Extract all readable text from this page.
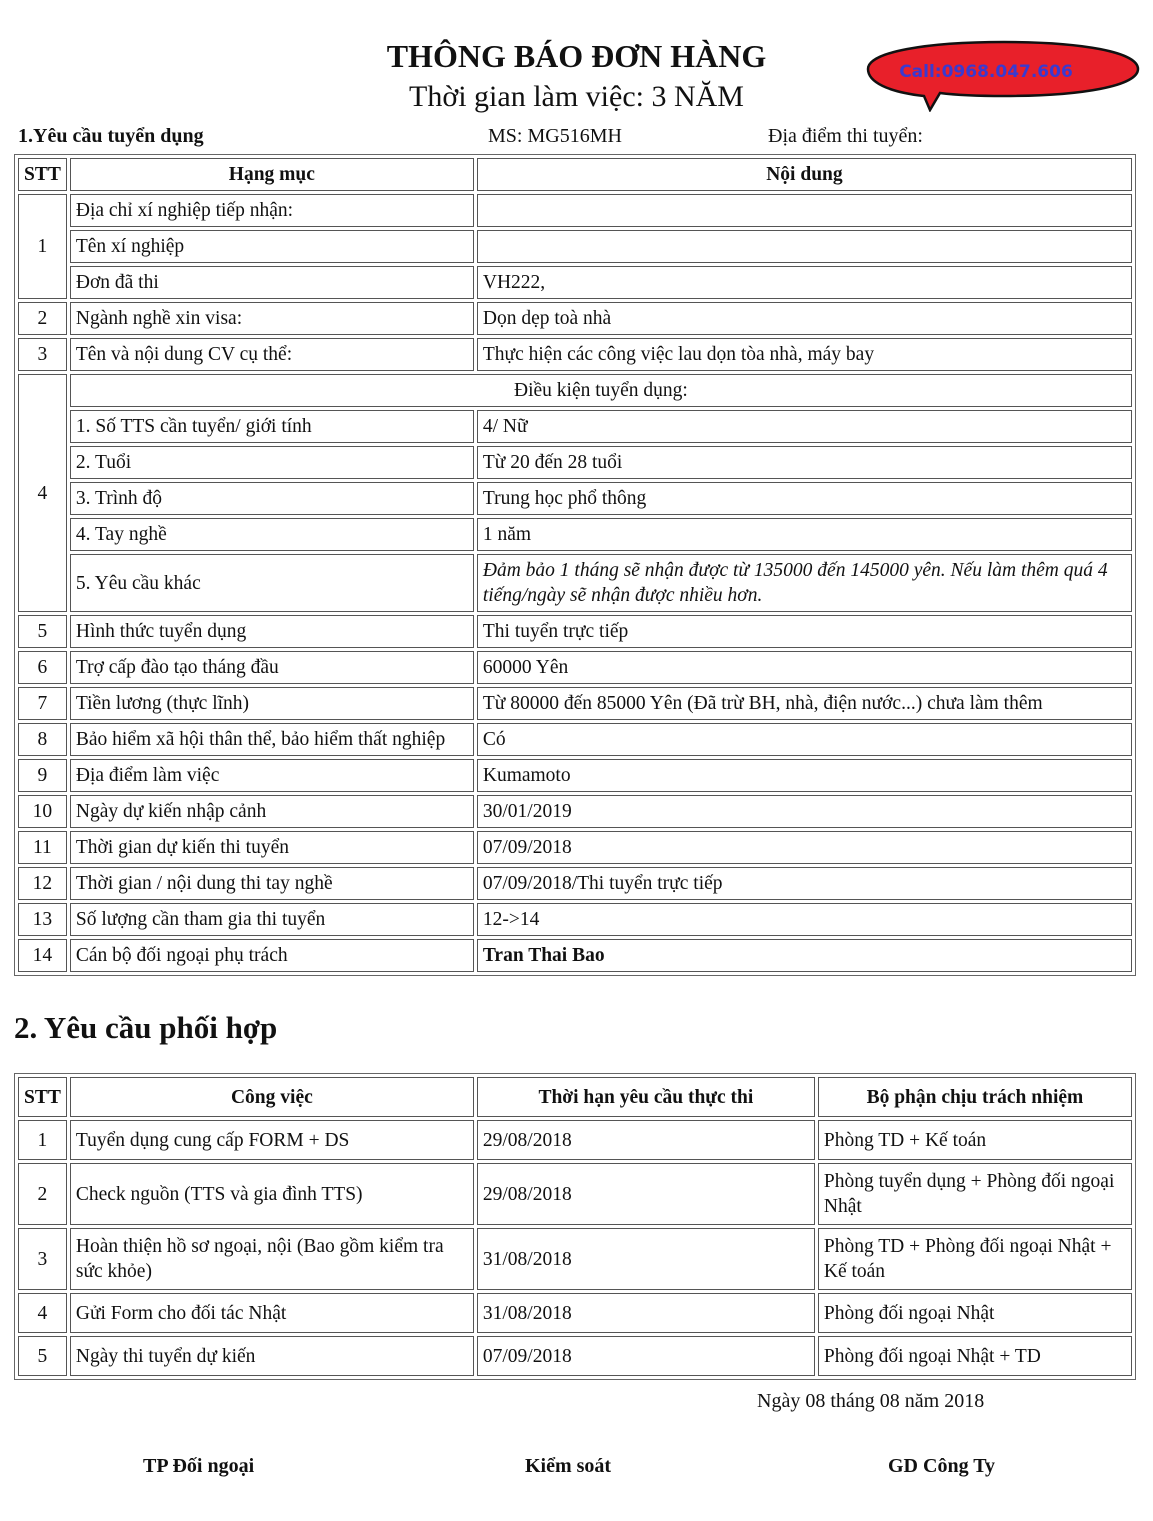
THÔNG BÁO ĐƠN HÀNG
Thời gian làm việc: 3 NĂM
Call:0968.047.606
1.Yêu cầu tuyển dụng	MS: MG516MH	Địa điểm thi tuyển:
STT	Hạng mục	Nội dung
1	Địa chỉ xí nghiệp tiếp nhận:	
	Tên xí nghiệp	
	Đơn đã thi	VH222,
2	Ngành nghề xin visa:	Dọn dẹp toà nhà
3	Tên và nội dung CV cụ thể:	Thực hiện các công việc lau dọn tòa nhà, máy bay
4	Điều kiện tuyển dụng:	
	1. Số TTS cần tuyển/ giới tính	4/ Nữ
	2. Tuổi	Từ 20 đến 28 tuổi
	3. Trình độ	Trung học phổ thông
	4. Tay nghề	1 năm
	5. Yêu cầu khác	Đảm bảo 1 tháng sẽ nhận được từ 135000 đến 145000 yên. Nếu làm thêm quá 4 tiếng/ngày sẽ nhận được nhiều hơn.
5	Hình thức tuyển dụng	Thi tuyển trực tiếp
6	Trợ cấp đào tạo tháng đầu	60000 Yên
7	Tiền lương (thực lĩnh)	Từ 80000 đến 85000 Yên (Đã trừ BH, nhà, điện nước...) chưa làm thêm
8	Bảo hiểm xã hội thân thể, bảo hiểm thất nghiệp	Có
9	Địa điểm làm việc	Kumamoto
10	Ngày dự kiến nhập cảnh	30/01/2019
11	Thời gian dự kiến thi tuyển	07/09/2018
12	Thời gian / nội dung thi tay nghề	07/09/2018/Thi tuyển trực tiếp
13	Số lượng cần tham gia thi tuyển	12->14
14	Cán bộ đối ngoại phụ trách	Tran Thai Bao
2. Yêu cầu phối hợp
STT	Công việc	Thời hạn yêu cầu thực thi	Bộ phận chịu trách nhiệm
1	Tuyển dụng cung cấp FORM + DS	29/08/2018	Phòng TD + Kế toán
2	Check nguồn (TTS và gia đình TTS)	29/08/2018	Phòng tuyển dụng + Phòng đối ngoại Nhật
3	Hoàn thiện hồ sơ ngoại, nội (Bao gồm kiểm tra sức khỏe)	31/08/2018	Phòng TD + Phòng đối ngoại Nhật + Kế toán
4	Gửi Form cho đối tác Nhật	31/08/2018	Phòng đối ngoại Nhật
5	Ngày thi tuyển dự kiến	07/09/2018	Phòng đối ngoại Nhật + TD
Ngày 08 tháng 08 năm 2018
TP Đối ngoại	Kiểm soát	GD Công Ty
